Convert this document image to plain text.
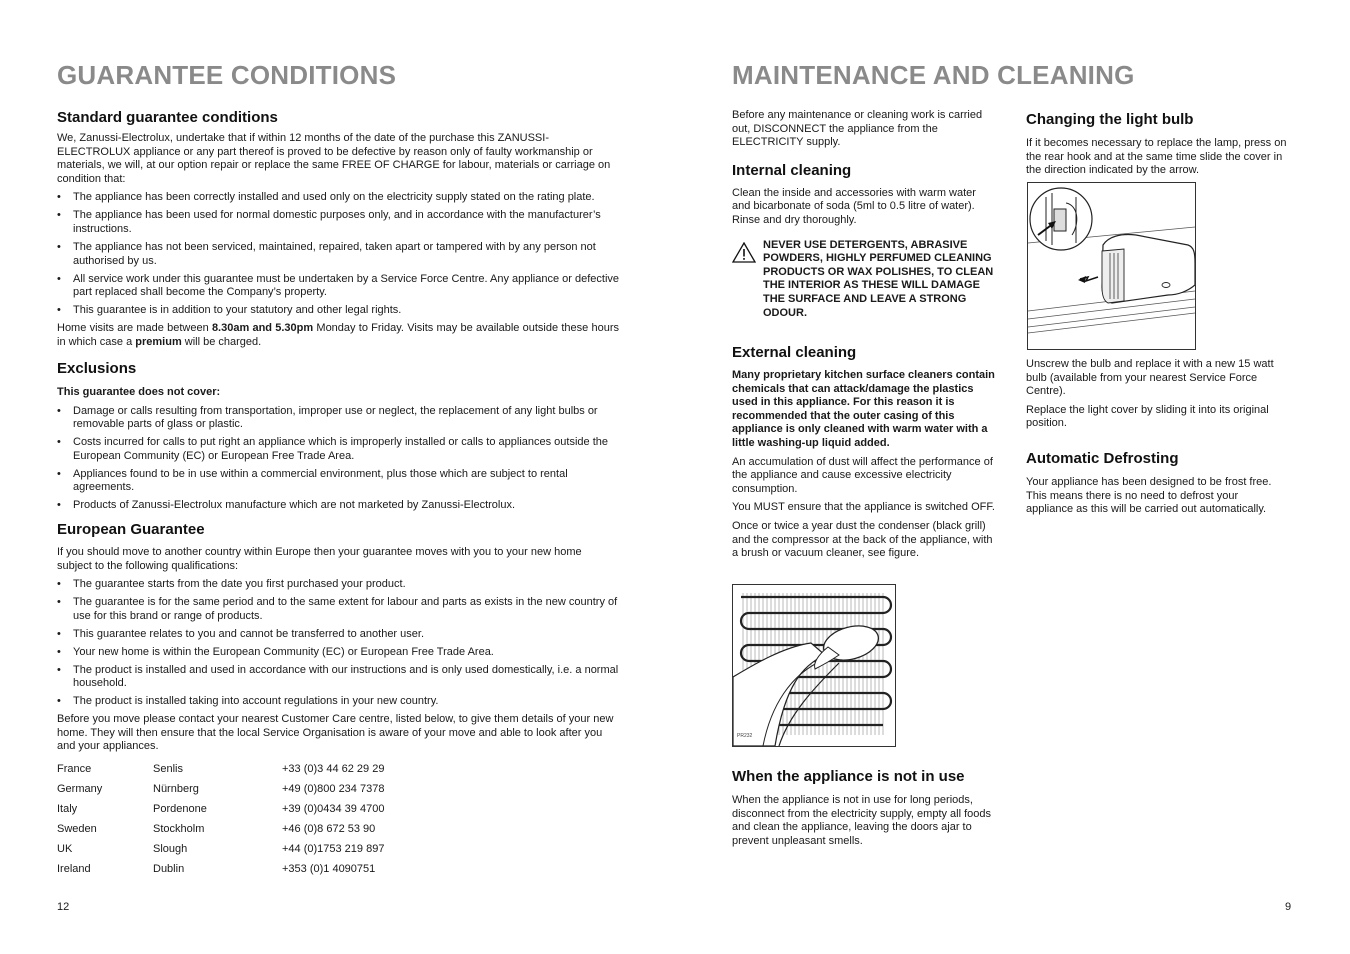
GUARANTEE CONDITIONS
Standard guarantee conditions

We, Zanussi-Electrolux, undertake that if within 12 months of the date of the purchase this ZANUSSI-ELECTROLUX appliance or any part thereof is proved to be defective by reason only of faulty workmanship or materials, we will, at our option repair or replace the same FREE OF CHARGE for labour, materials or carriage on condition that:

• The appliance has been correctly installed and used only on the electricity supply stated on the rating plate.
• The appliance has been used for normal domestic purposes only, and in accordance with the manufacturer’s instructions.
• The appliance has not been serviced, maintained, repaired, taken apart or tampered with by any person not authorised by us.
• All service work under this guarantee must be undertaken by a Service Force Centre. Any appliance or defective part replaced shall become the Company’s property.
• This guarantee is in addition to your statutory and other legal rights.

Home visits are made between 8.30am and 5.30pm Monday to Friday. Visits may be available outside these hours in which case a premium will be charged.

Exclusions

This guarantee does not cover:

• Damage or calls resulting from transportation, improper use or neglect, the replacement of any light bulbs or removable parts of glass or plastic.
• Costs incurred for calls to put right an appliance which is improperly installed or calls to appliances outside the European Community (EC) or European Free Trade Area.
• Appliances found to be in use within a commercial environment, plus those which are subject to rental agreements.
• Products of Zanussi-Electrolux manufacture which are not marketed by Zanussi-Electrolux.
European Guarantee

If you should move to another country within Europe then your guarantee moves with you to your new home subject to the following qualifications:

• The guarantee starts from the date you first purchased your product.
• The guarantee is for the same period and to the same extent for labour and parts as exists in the new country of use for this brand or range of products.
• This guarantee relates to you and cannot be transferred to another user.
• Your new home is within the European Community (EC) or European Free Trade Area.
• The product is installed and used in accordance with our instructions and is only used domestically, i.e. a normal household.
• The product is installed taking into account regulations in your new country.

Before you move please contact your nearest Customer Care centre, listed below, to give them details of your new home. They will then ensure that the local Service Organisation is aware of your move and able to look after you and your appliances.

France	Senlis	+33 (0)3 44 62 29 29
Germany	Nürnberg	+49 (0)800 234 7378
Italy	Pordenone	+39 (0)0434 39 4700
Sweden	Stockholm	+46 (0)8 672 53 90
UK	Slough	+44 (0)1753 219 897
Ireland	Dublin	+353 (0)1 4090751
12
MAINTENANCE AND CLEANING

Before any maintenance or cleaning work is carried out, DISCONNECT the appliance from the ELECTRICITY supply.

Internal cleaning

Clean the inside and accessories with warm water and bicarbonate of soda (5ml to 0.5 litre of water). Rinse and dry thoroughly.

NEVER USE DETERGENTS, ABRASIVE POWDERS, HIGHLY PERFUMED CLEANING PRODUCTS OR WAX POLISHES, TO CLEAN THE INTERIOR AS THESE WILL DAMAGE THE SURFACE AND LEAVE A STRONG ODOUR.

External cleaning

Many proprietary kitchen surface cleaners contain chemicals that can attack/damage the plastics used in this appliance. For this reason it is recommended that the outer casing of this appliance is only cleaned with warm water with a little washing-up liquid added.

An accumulation of dust will affect the performance of the appliance and cause excessive electricity consumption.

You MUST ensure that the appliance is switched OFF.

Once or twice a year dust the condenser (black grill) and the compressor at the back of the appliance, with a brush or vacuum cleaner, see figure.

PR232
When the appliance is not in use

When the appliance is not in use for long periods, disconnect from the electricity supply, empty all foods and clean the appliance, leaving the doors ajar to prevent unpleasant smells.

Changing the light bulb

If it becomes necessary to replace the lamp, press on the rear hook and at the same time slide the cover in the direction indicated by the arrow.

Unscrew the bulb and replace it with a new 15 watt bulb (available from your nearest Service Force Centre).

Replace the light cover by sliding it into its original position.

Automatic Defrosting

Your appliance has been designed to be frost free. This means there is no need to defrost your appliance as this will be carried out automatically.

9
